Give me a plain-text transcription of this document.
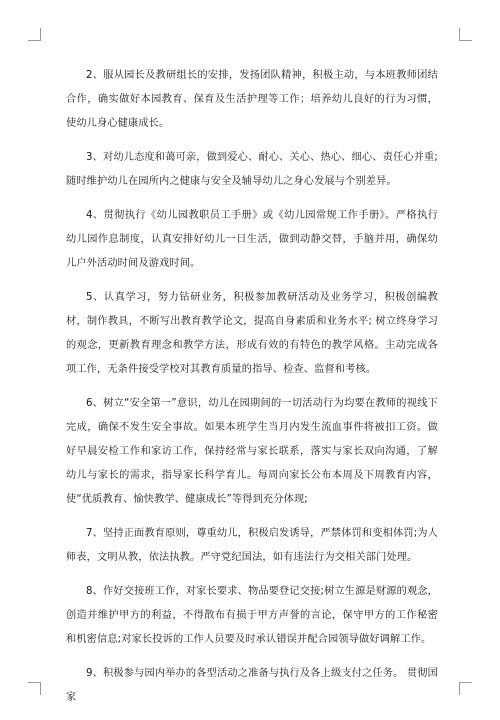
2、服从园长及教研组长的安排，发扬团队精神，积极主动，与本班教师团结合作，确实做好本园教育、保育及生活护理等工作；培养幼儿良好的行为习惯，使幼儿身心健康成长。

3、对幼儿态度和蔼可亲，做到爱心、耐心、关心、热心、细心、责任心并重;随时维护幼儿在园所内之健康与安全及辅导幼儿之身心发展与个别差异。

4、贯彻执行《幼儿园教职员工手册》或《幼儿园常规工作手册》。严格执行幼儿园作息制度，认真安排好幼儿一日生活，做到动静交替，手脑并用，确保幼儿户外活动时间及游戏时间。

5、认真学习，努力钻研业务，积极参加教研活动及业务学习，积极创编教材，制作教具，不断写出教育教学论文，提高自身素质和业务水平; 树立终身学习的观念，更新教育理念和教学方法，形成有效的有特色的教学风格。主动完成各项工作，无条件接受学校对其教育质量的指导、检查、监督和考核。

6、树立“安全第一”意识，幼儿在园期间的一切活动行为均要在教师的视线下完成，确保不发生安全事故。如果本班学生当月内发生流血事件将被扣工资。做好早晨安检工作和家访工作，保持经常与家长联系，落实与家长双向沟通，了解幼儿与家长的需求，指导家长科学育儿。每周向家长公布本周及下周教育内容，使“优质教育、愉快教学、健康成长”等得到充分体现;

7、坚持正面教育原则，尊重幼儿，积极启发诱导，严禁体罚和变相体罚;为人师表，文明从教，依法执教。严守党纪国法，如有违法行为交相关部门处理。

8、作好交接班工作，对家长要求、物品要登记交接;树立生源是财源的观念，创造并维护甲方的利益，不得散布有损于甲方声誉的言论，保守甲方的工作秘密和机密信息;对家长投诉的工作人员要及时承认错误并配合园领导做好调解工作。

9、积极参与园内举办的各型活动之准备与执行及各上级支付之任务。 贯彻国家
